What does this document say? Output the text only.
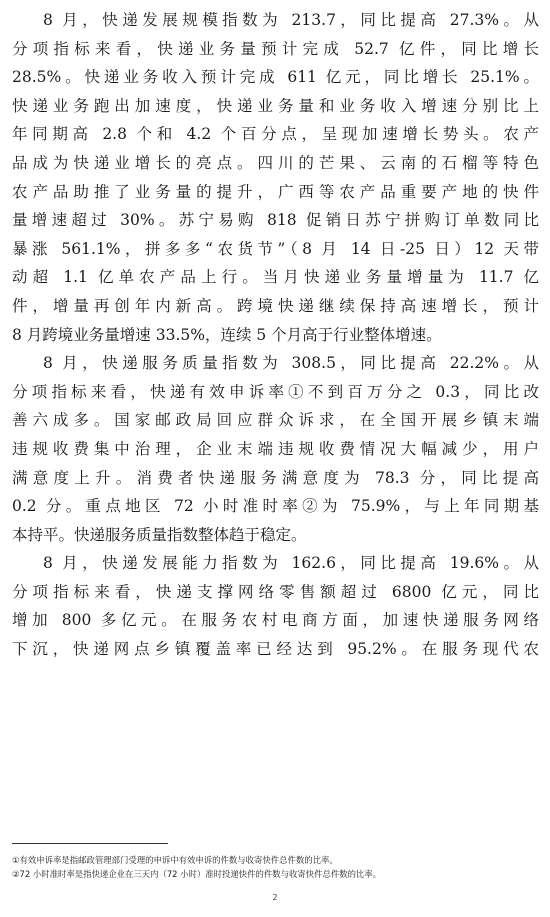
8 月，快递发展规模指数为 213.7，同比提高 27.3%。从
分项指标来看，快递业务量预计完成 52.7 亿件，同比增长
28.5%。快递业务收入预计完成 611 亿元，同比增长 25.1%。
快递业务跑出加速度，快递业务量和业务收入增速分别比上
年同期高 2.8 个和 4.2 个百分点，呈现加速增长势头。农产
品成为快递业增长的亮点。四川的芒果、云南的石榴等特色
农产品助推了业务量的提升，广西等农产品重要产地的快件
量增速超过 30%。苏宁易购 818 促销日苏宁拼购订单数同比
暴涨 561.1%，拼多多“农货节”（8 月 14 日-25 日）12 天带
动超 1.1 亿单农产品上行。当月快递业务量增量为 11.7 亿
件，增量再创年内新高。跨境快递继续保持高速增长，预计
8 月跨境业务量增速 33.5%，连续 5 个月高于行业整体增速。
8 月，快递服务质量指数为 308.5，同比提高 22.2%。从
分项指标来看，快递有效申诉率①不到百万分之 0.3，同比改
善六成多。国家邮政局回应群众诉求，在全国开展乡镇末端
违规收费集中治理，企业末端违规收费情况大幅减少，用户
满意度上升。消费者快递服务满意度为 78.3 分，同比提高
0.2 分。重点地区 72 小时准时率②为 75.9%，与上年同期基
本持平。快递服务质量指数整体趋于稳定。
8 月，快递发展能力指数为 162.6，同比提高 19.6%。从
分项指标来看，快递支撑网络零售额超过 6800 亿元，同比
增加 800 多亿元。在服务农村电商方面，加速快递服务网络
下沉，快递网点乡镇覆盖率已经达到 95.2%。在服务现代农
①有效申诉率是指邮政管理部门受理的申诉中有效申诉的件数与收寄快件总件数的比率。
②72 小时准时率是指快递企业在三天内（72 小时）准时投递快件的件数与收寄快件总件数的比率。
2
